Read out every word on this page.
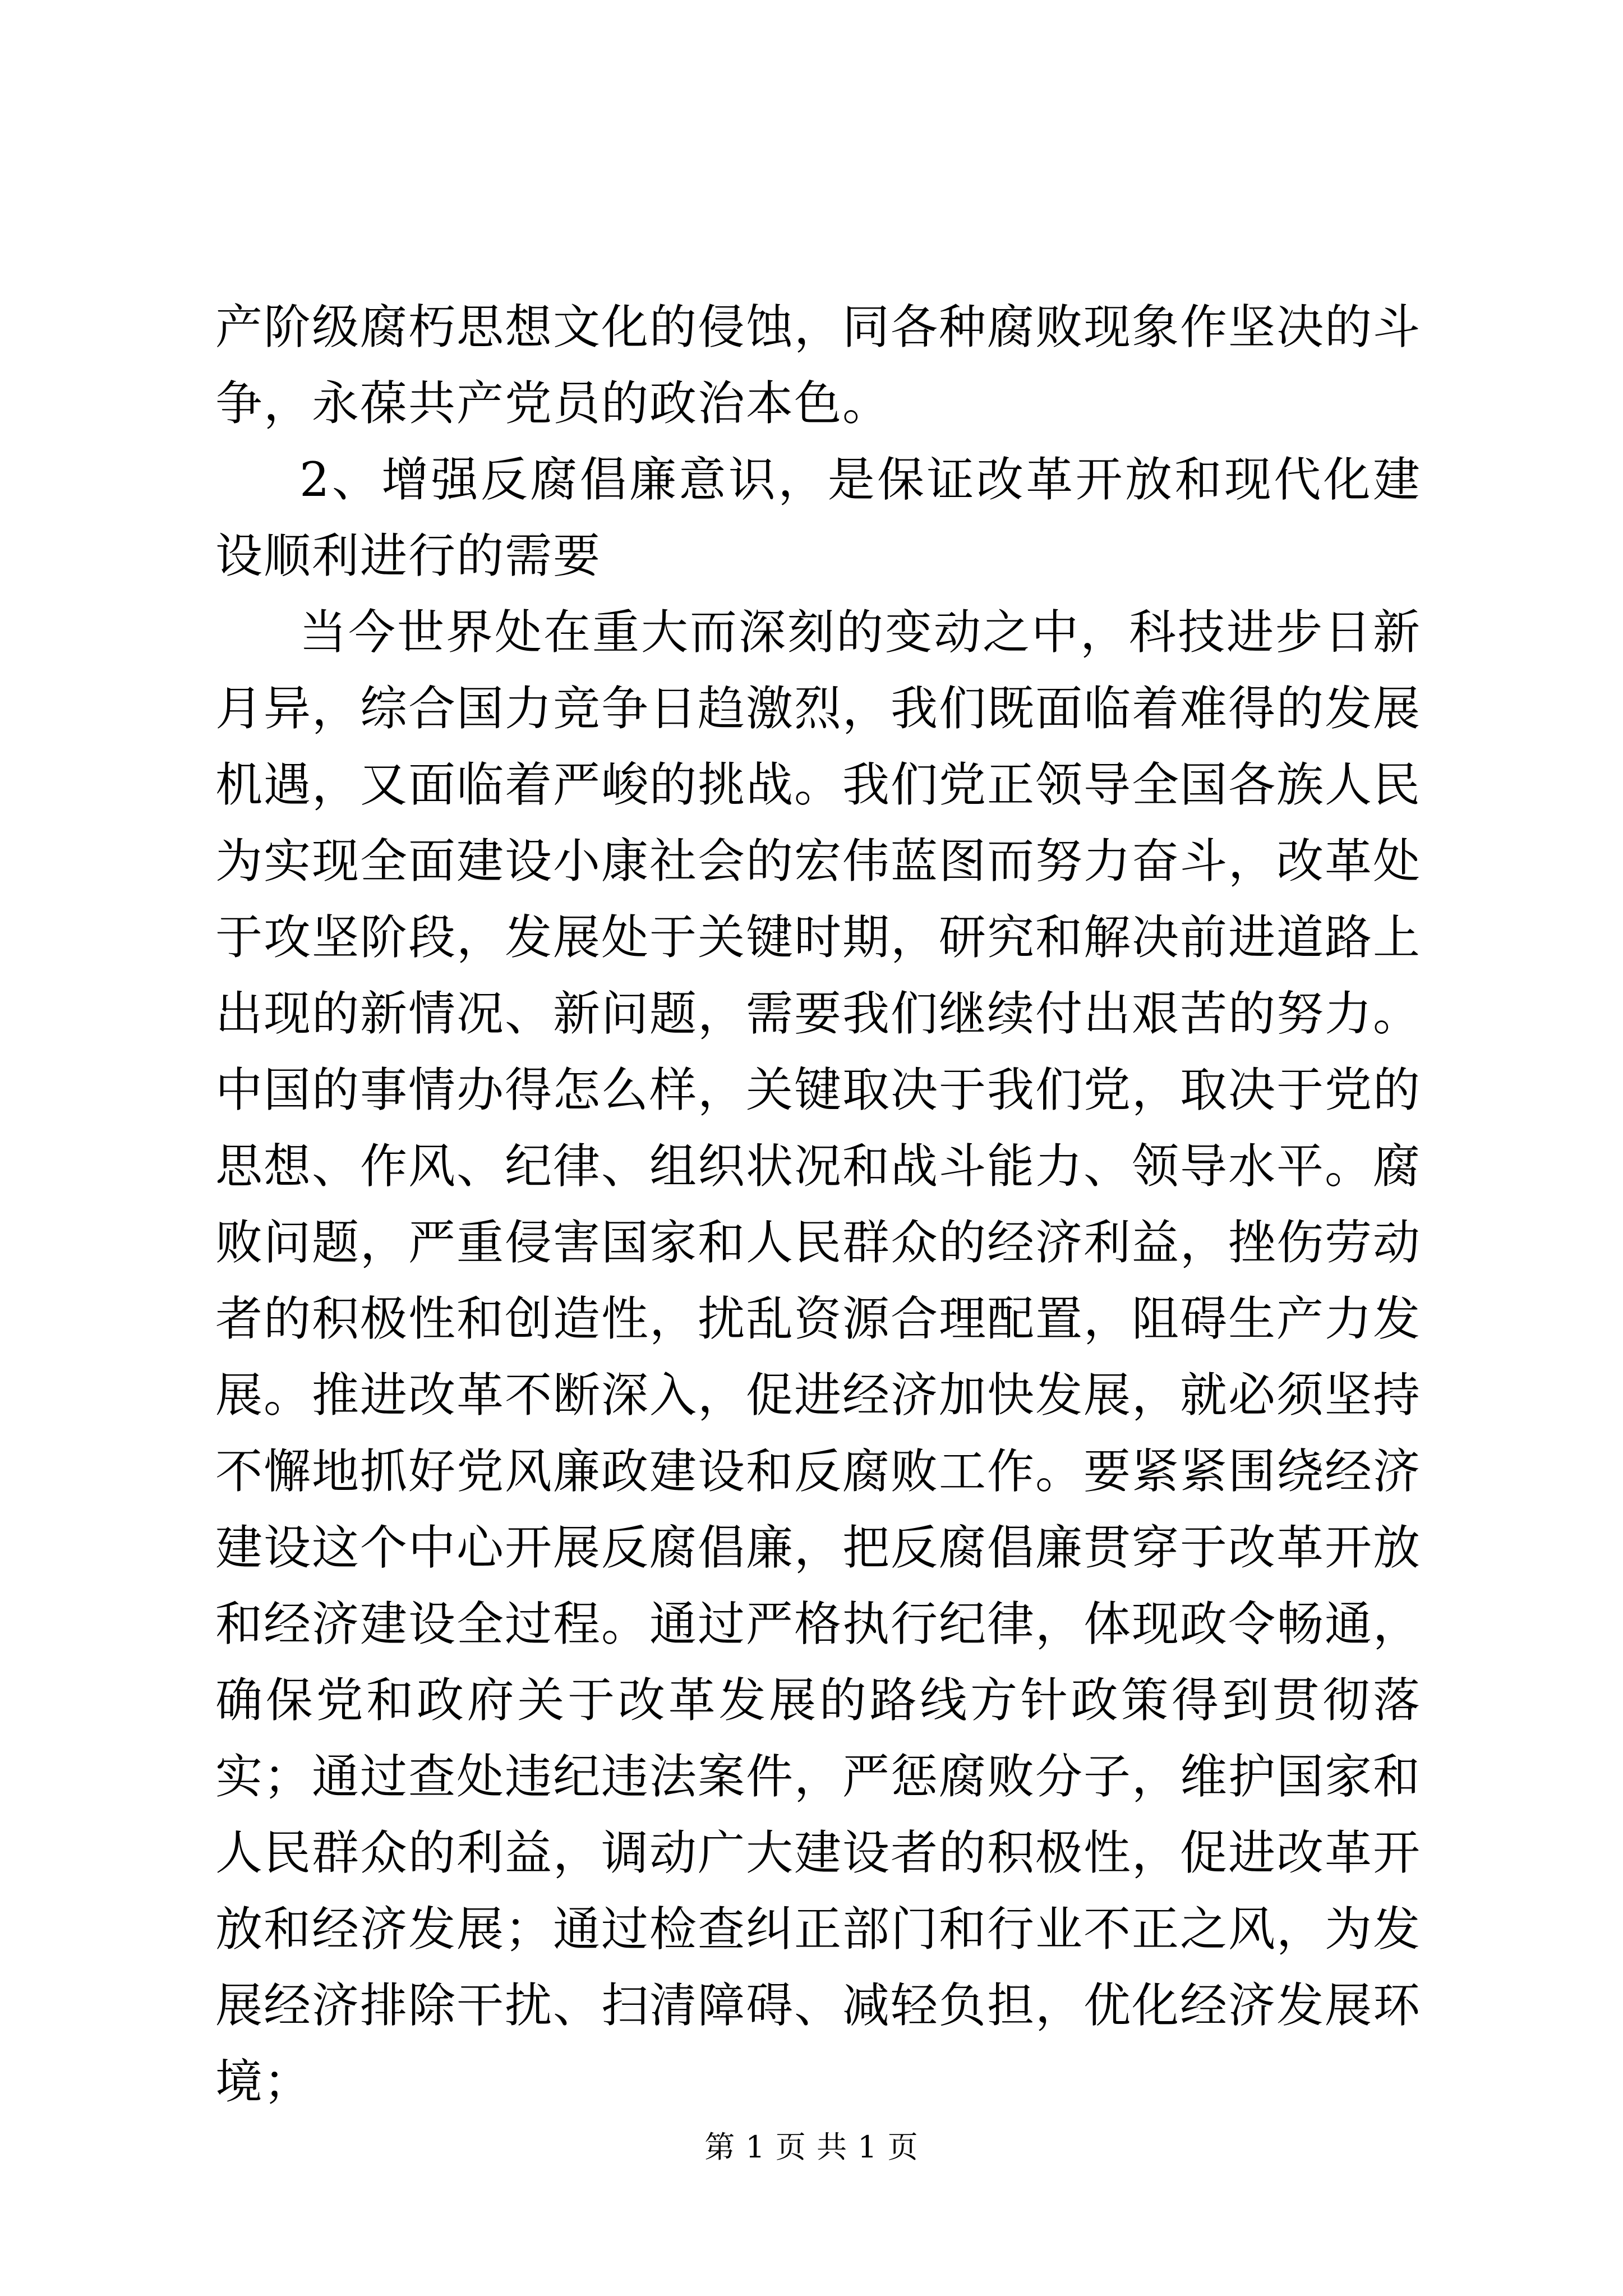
产阶级腐朽思想文化的侵蚀，同各种腐败现象作坚决的斗争，永葆共产党员的政治本色。

2、增强反腐倡廉意识，是保证改革开放和现代化建设顺利进行的需要

当今世界处在重大而深刻的变动之中，科技进步日新月异，综合国力竞争日趋激烈，我们既面临着难得的发展机遇，又面临着严峻的挑战。我们党正领导全国各族人民为实现全面建设小康社会的宏伟蓝图而努力奋斗，改革处于攻坚阶段，发展处于关键时期，研究和解决前进道路上出现的新情况、新问题，需要我们继续付出艰苦的努力。中国的事情办得怎么样，关键取决于我们党，取决于党的思想、作风、纪律、组织状况和战斗能力、领导水平。腐败问题，严重侵害国家和人民群众的经济利益，挫伤劳动者的积极性和创造性，扰乱资源合理配置，阻碍生产力发展。推进改革不断深入，促进经济加快发展，就必须坚持不懈地抓好党风廉政建设和反腐败工作。要紧紧围绕经济建设这个中心开展反腐倡廉，把反腐倡廉贯穿于改革开放和经济建设全过程。通过严格执行纪律，体现政令畅通，确保党和政府关于改革发展的路线方针政策得到贯彻落实；通过查处违纪违法案件，严惩腐败分子，维护国家和人民群众的利益，调动广大建设者的积极性，促进改革开放和经济发展；通过检查纠正部门和行业不正之风，为发展经济排除干扰、扫清障碍、减轻负担，优化经济发展环境；

第 1 页 共 1 页
